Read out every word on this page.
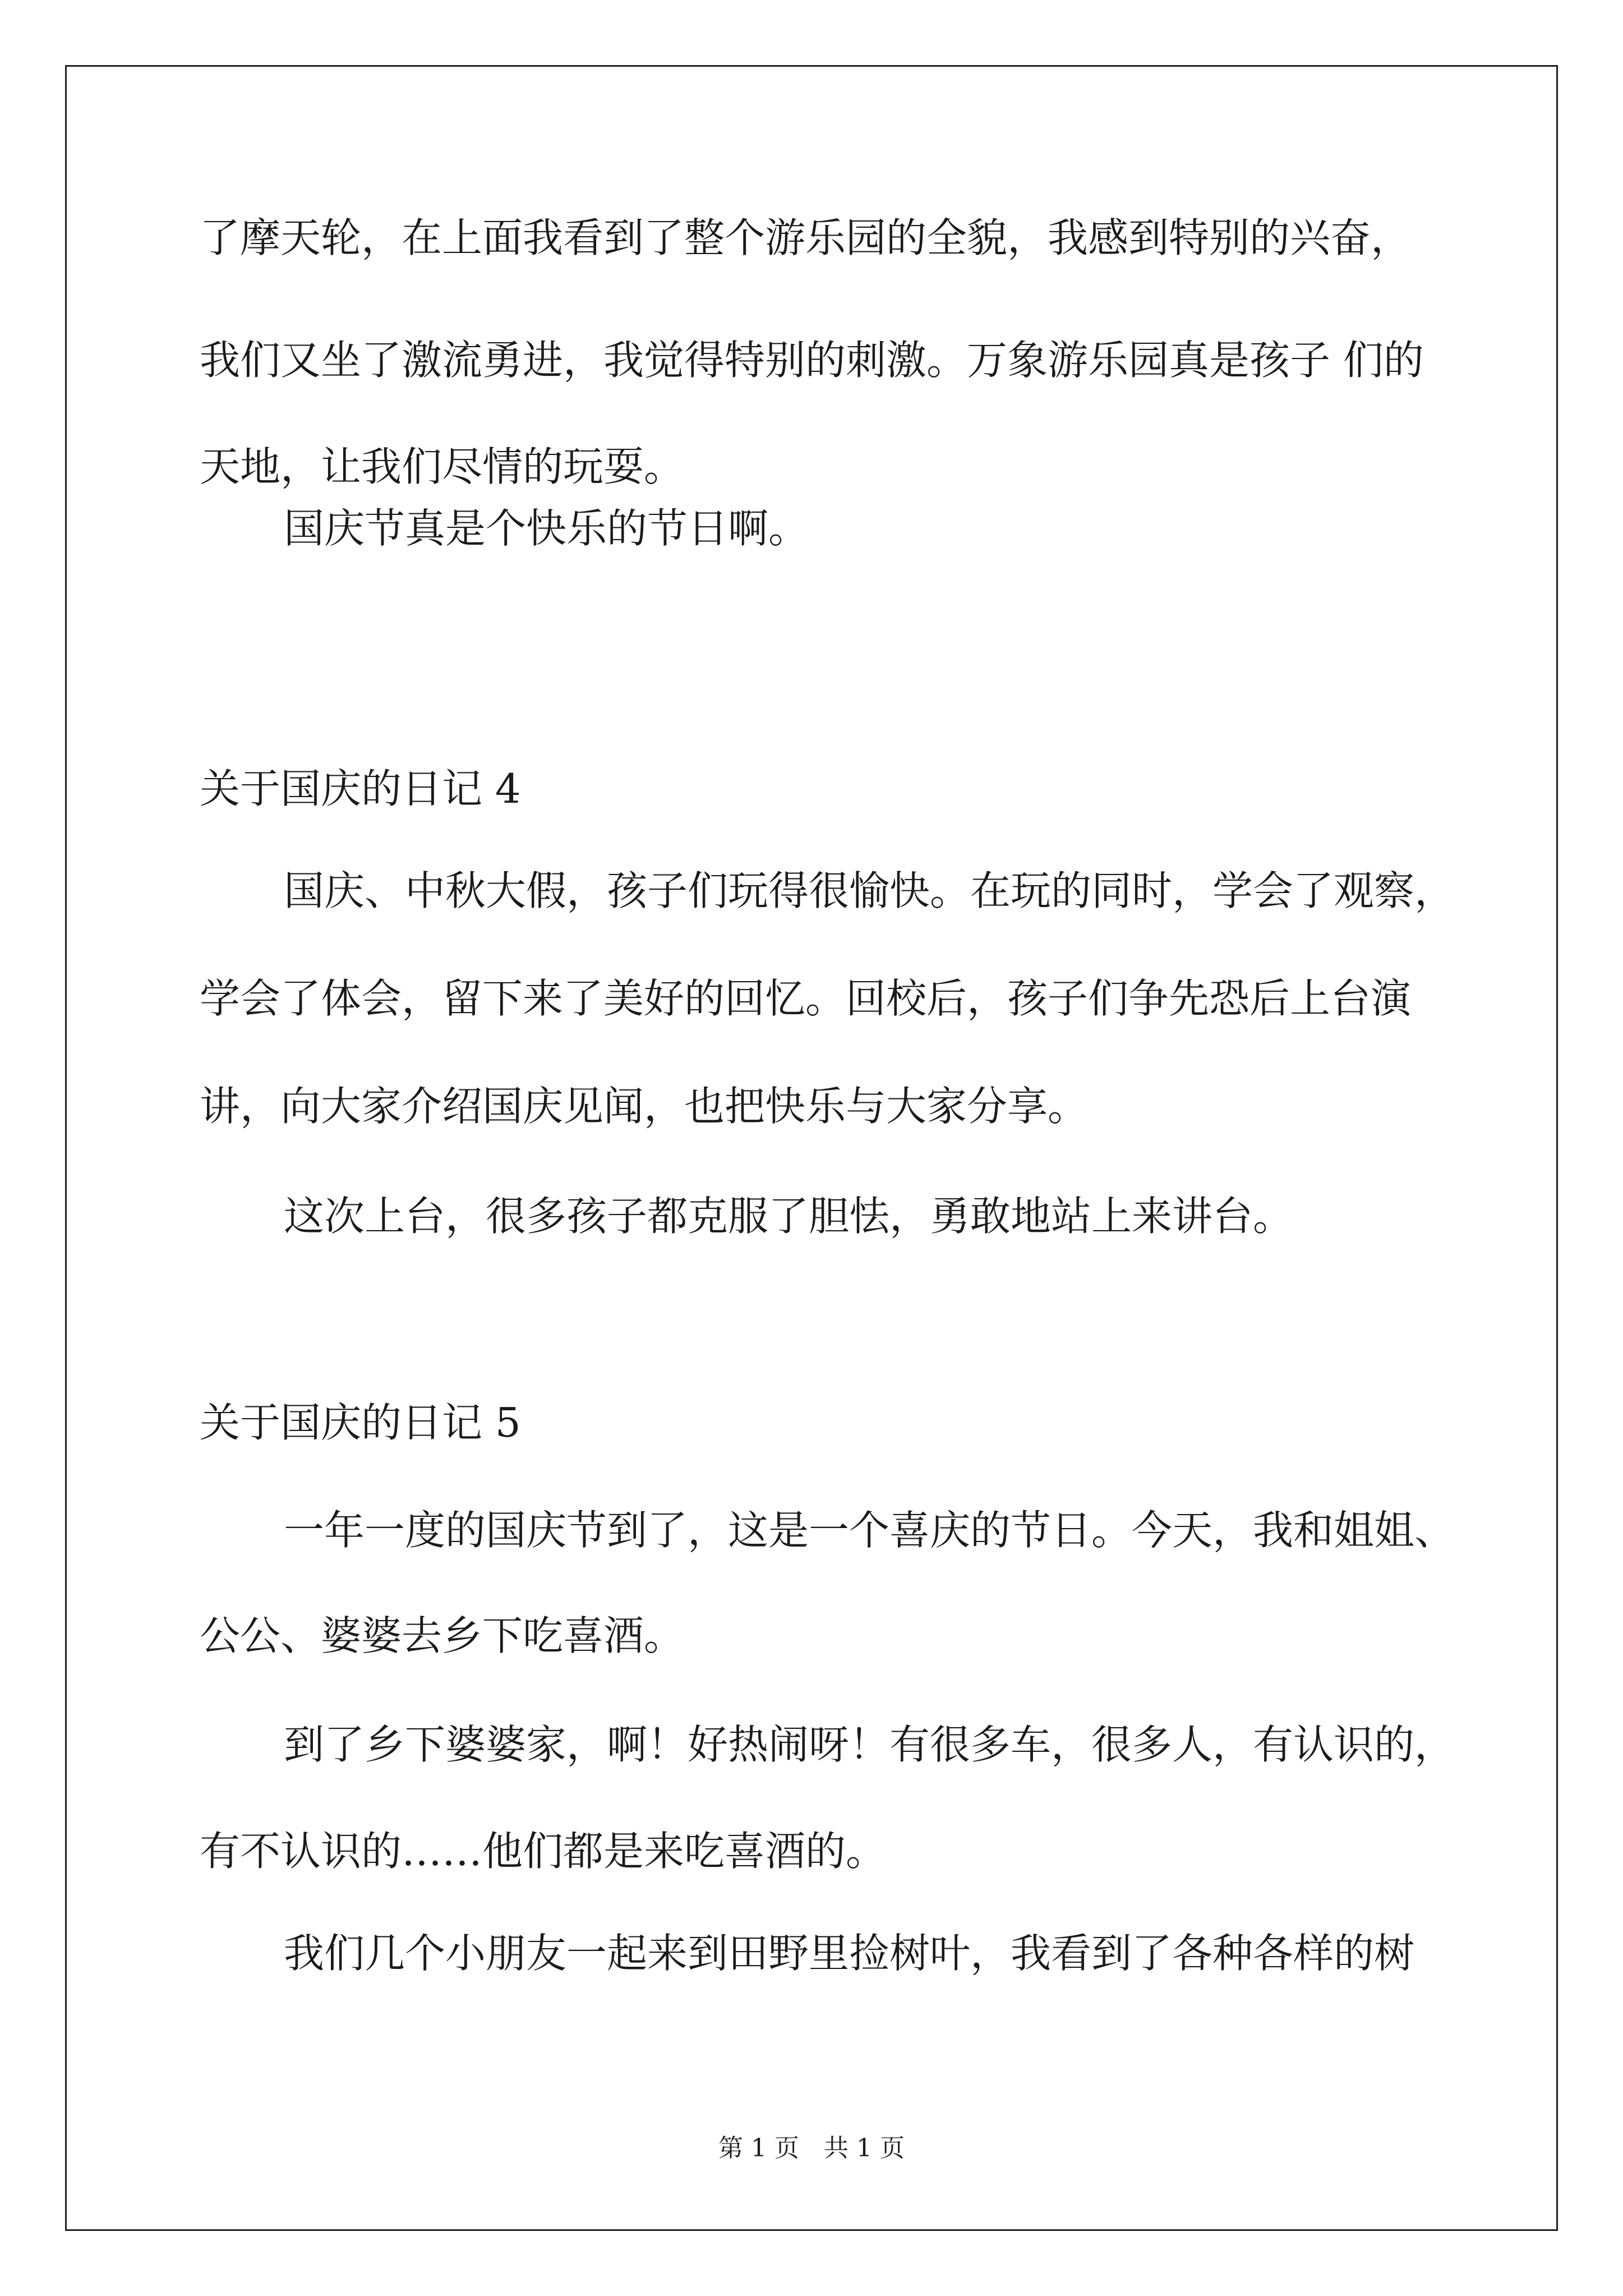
了摩天轮，在上面我看到了整个游乐园的全貌，我感到特别的兴奋，
我们又坐了激流勇进，我觉得特别的刺激。万象游乐园真是孩子 们的
天地，让我们尽情的玩耍。
国庆节真是个快乐的节日啊。
关于国庆的日记 4
国庆、中秋大假，孩子们玩得很愉快。在玩的同时，学会了观察，
学会了体会，留下来了美好的回忆。回校后，孩子们争先恐后上台演
讲，向大家介绍国庆见闻，也把快乐与大家分享。
这次上台，很多孩子都克服了胆怯，勇敢地站上来讲台。
关于国庆的日记 5
一年一度的国庆节到了，这是一个喜庆的节日。今天，我和姐姐、
公公、婆婆去乡下吃喜酒。
到了乡下婆婆家，啊！好热闹呀！有很多车，很多人，有认识的，
有不认识的……他们都是来吃喜酒的。
我们几个小朋友一起来到田野里捡树叶，我看到了各种各样的树
第 1 页　共 1 页
